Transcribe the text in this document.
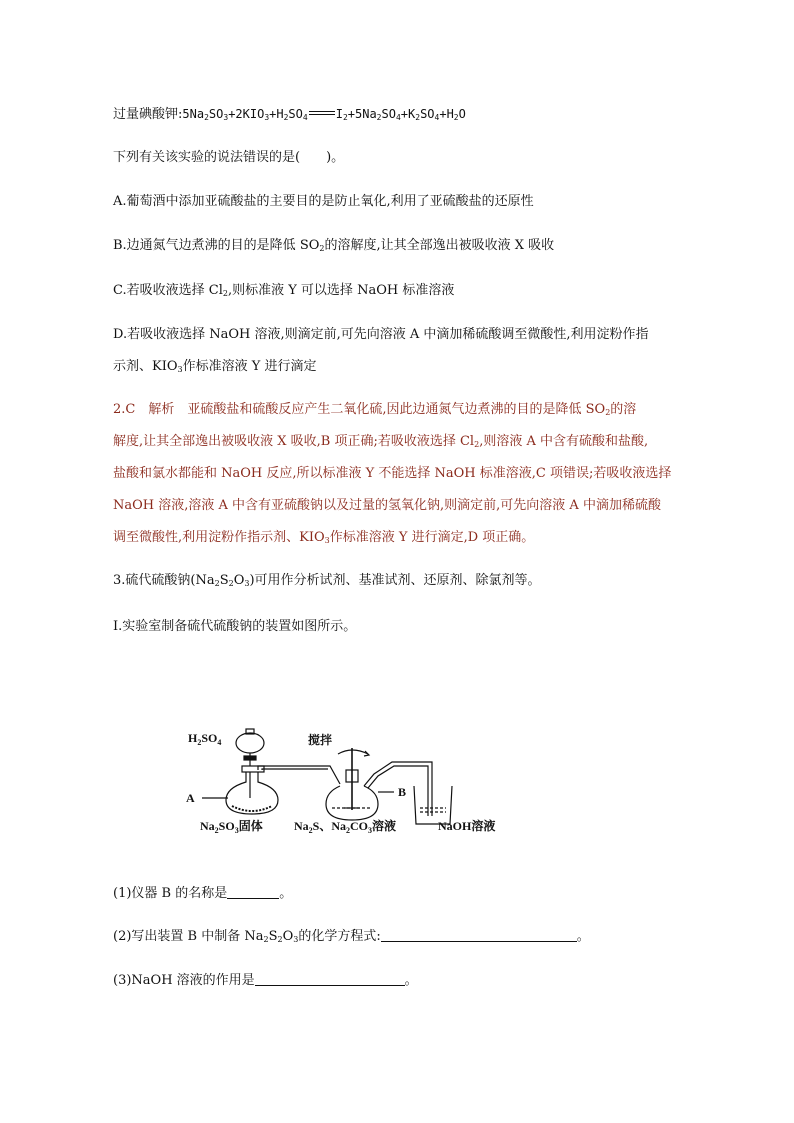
过量碘酸钾$:5Na_2SO_3+2KIO_3+H_2SO_4$ $I_2+5Na_2SO_4+K_2SO_4+H_2O$
下列有关该实验的说法错误的是(　　)。
A.葡萄酒中添加亚硫酸盐的主要目的是防止氧化,利用了亚硫酸盐的还原性
B.边通氮气边煮沸的目的是降低 $SO_2$的溶解度,让其全部逸出被吸收液 X 吸收
C.若吸收液选择 $Cl_2$,则标准液 Y 可以选择 NaOH 标准溶液
D.若吸收液选择 NaOH 溶液,则滴定前,可先向溶液 A 中滴加稀硫酸调至微酸性,利用淀粉作指
示剂、$KIO_3$作标准溶液 Y 进行滴定
2.C　解析　亚硫酸盐和硫酸反应产生二氧化硫,因此边通氮气边煮沸的目的是降低 $SO_2$的溶
解度,让其全部逸出被吸收液 X 吸收,B 项正确;若吸收液选择 $Cl_2$,则溶液 A 中含有硫酸和盐酸,
盐酸和氯水都能和 NaOH 反应,所以标准液 Y 不能选择 NaOH 标准溶液,C 项错误;若吸收液选择
NaOH 溶液,溶液 A 中含有亚硫酸钠以及过量的氢氧化钠,则滴定前,可先向溶液 A 中滴加稀硫酸
调至微酸性,利用淀粉作指示剂、$KIO_3$作标准溶液 Y 进行滴定,D 项正确。
3.硫代硫酸钠$(Na_2S_2O_3)$可用作分析试剂、基准试剂、还原剂、除氯剂等。
Ⅰ.实验室制备硫代硫酸钠的装置如图所示。
$H_2SO_4$	搅拌
A	B
$Na_2SO_3$固体	$Na_2S$、$Na_2CO_3$溶液	NaOH溶液
(1)仪器 B 的名称是	。
(2)写出装置 B 中制备 $Na_2S_2O_3$的化学方程式:	。
(3)NaOH 溶液的作用是	。
